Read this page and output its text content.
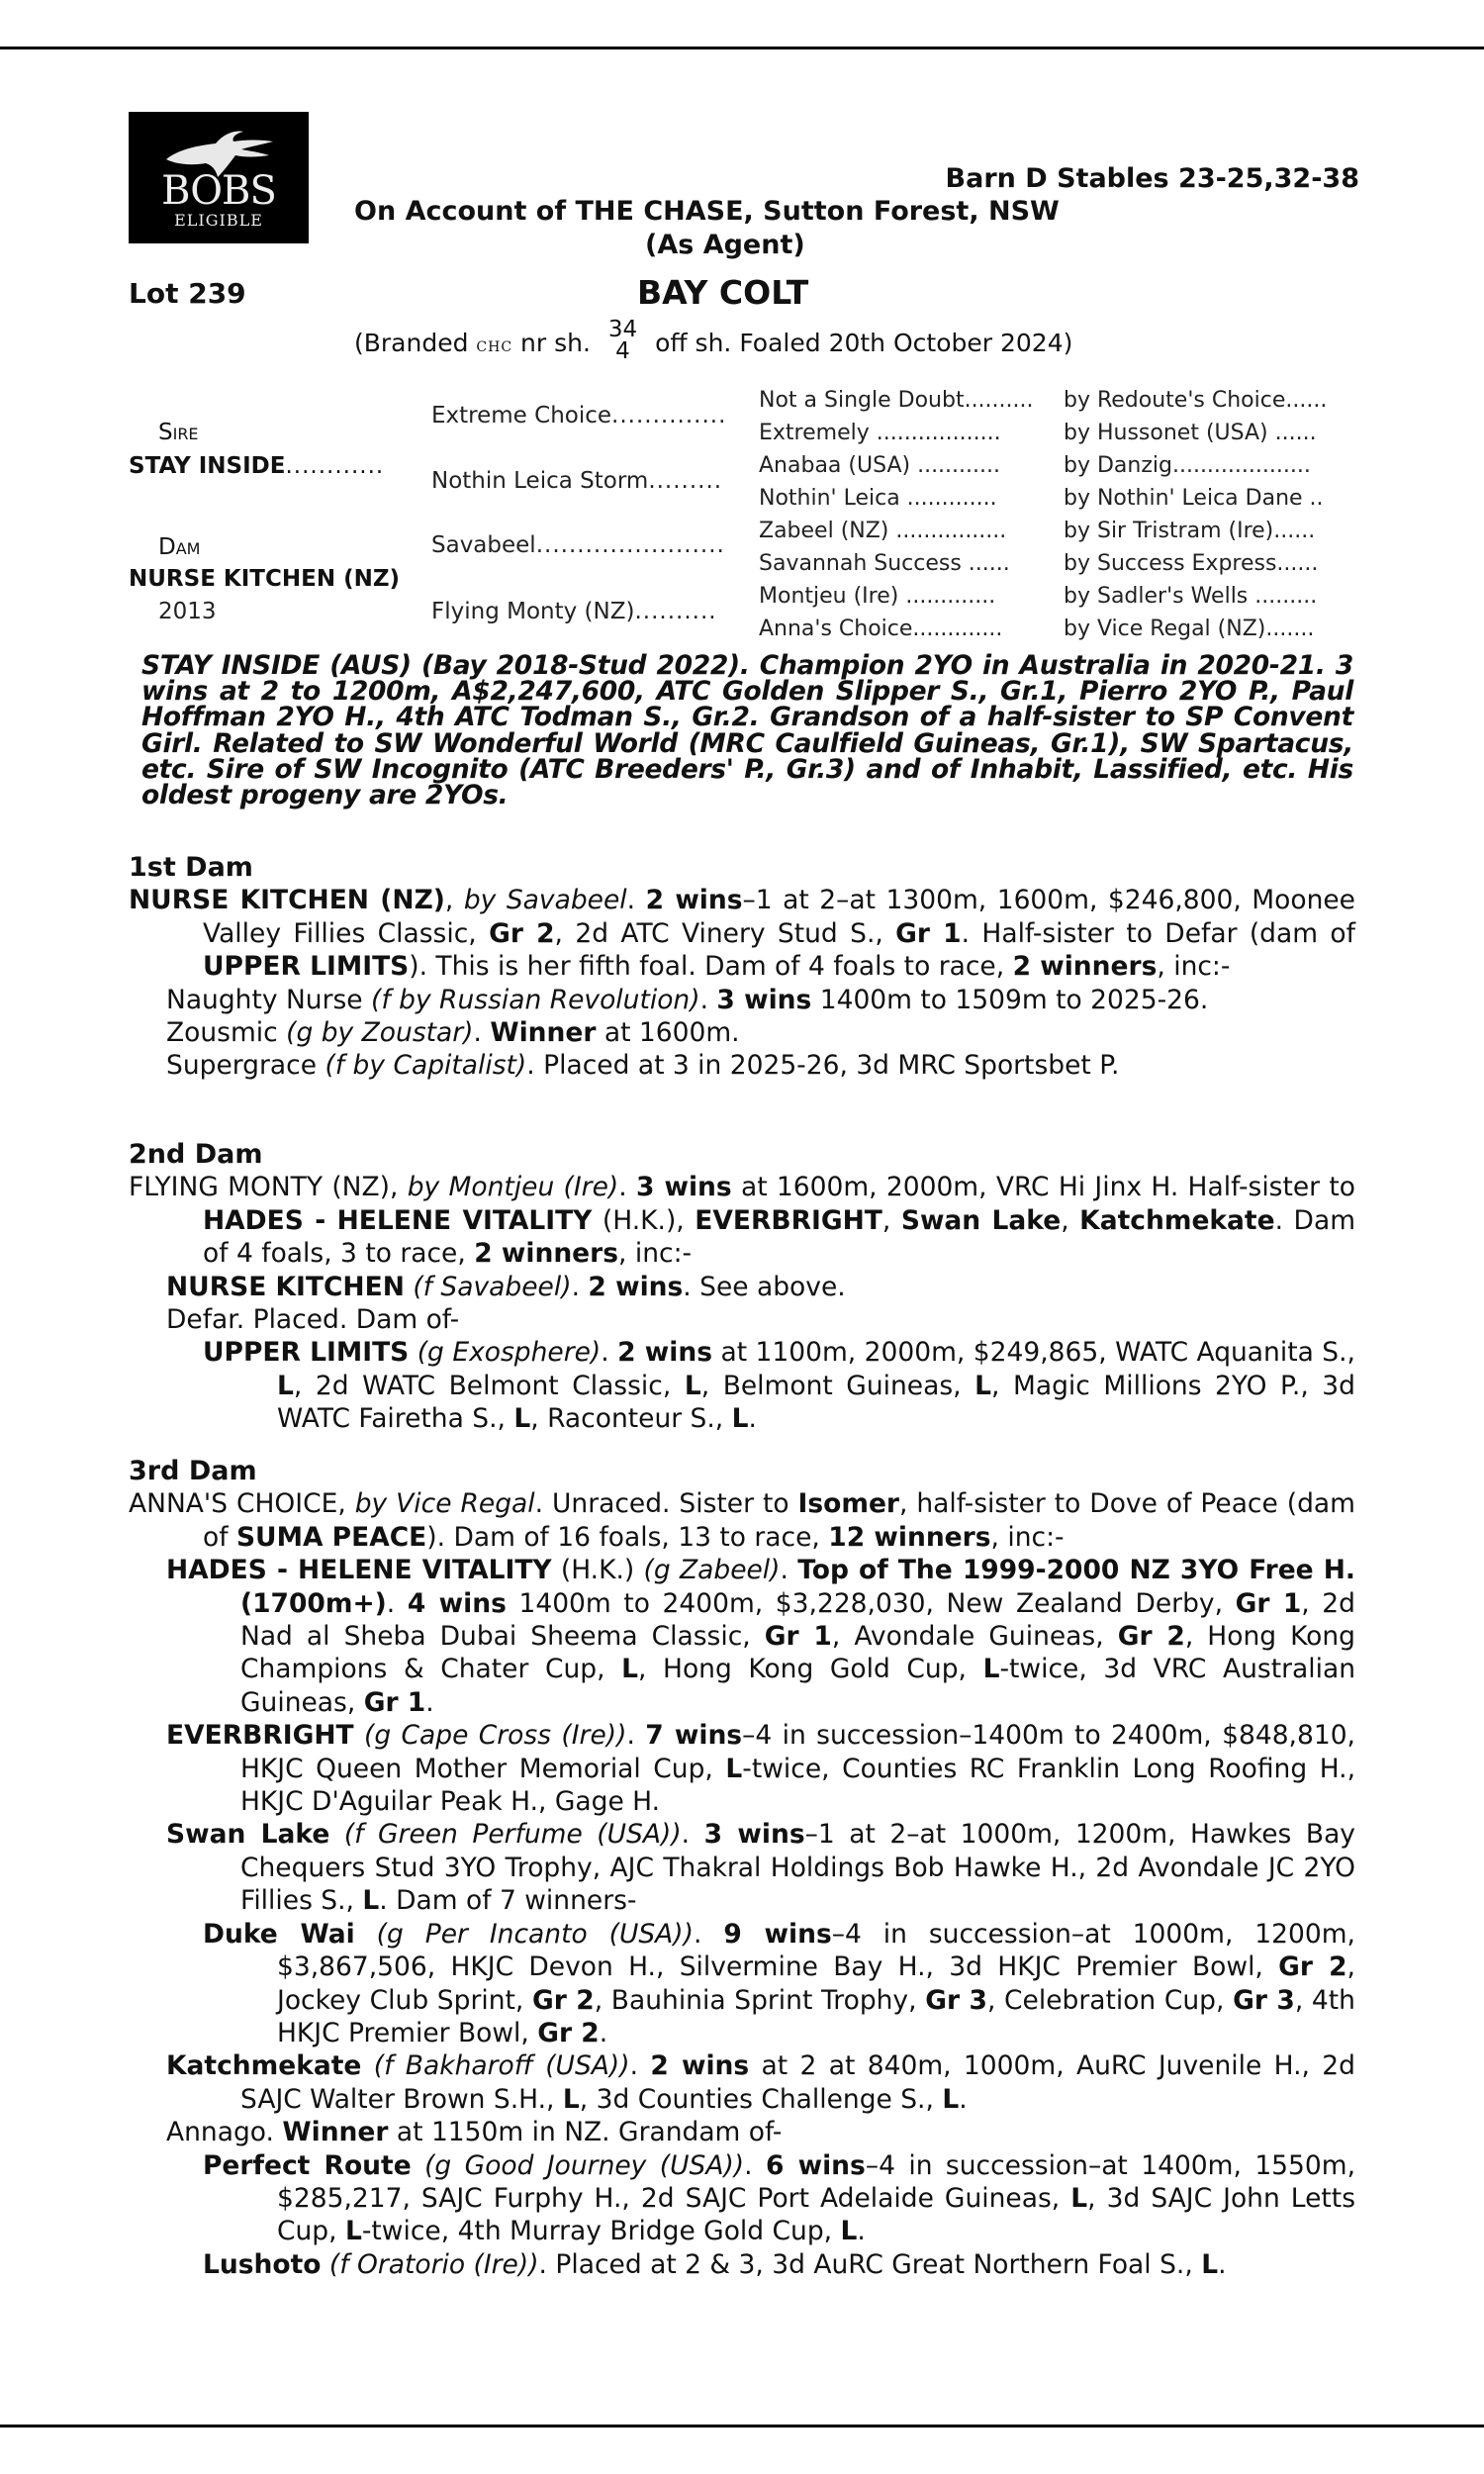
BOBS
ELIGIBLE
Barn D Stables 23-25,32-38
On Account of THE CHASE, Sutton Forest, NSW
(As Agent)
Lot 239	BAY COLT
(Branded CHC nr sh. 34
4 off sh. Foaled 20th October 2024)
Sire
STAY INSIDE............
Dam
NURSE KITCHEN (NZ)
2013
Extreme Choice..............
Nothin Leica Storm.........
Savabeel.......................
Flying Monty (NZ)..........
Not a Single Doubt..........
Extremely ..................
Anabaa (USA) ............
Nothin' Leica .............
Zabeel (NZ) ................
Savannah Success ......
Montjeu (Ire) .............
Anna's Choice.............
by Redoute's Choice......
by Hussonet (USA) ......
by Danzig....................
by Nothin' Leica Dane ..
by Sir Tristram (Ire)......
by Success Express......
by Sadler's Wells .........
by Vice Regal (NZ).......
STAY INSIDE (AUS) (Bay 2018-Stud 2022). Champion 2YO in Australia in 2020-21. 3 wins at 2 to 1200m, A$2,247,600, ATC Golden Slipper S., Gr.1, Pierro 2YO P., Paul Hoffman 2YO H., 4th ATC Todman S., Gr.2. Grandson of a half-sister to SP Convent Girl. Related to SW Wonderful World (MRC Caulfield Guineas, Gr.1), SW Spartacus, etc. Sire of SW Incognito (ATC Breeders' P., Gr.3) and of Inhabit, Lassified, etc. His oldest progeny are 2YOs.
1st Dam

NURSE KITCHEN (NZ), by Savabeel. 2 wins–1 at 2–at 1300m, 1600m, $246,800, Moonee Valley Fillies Classic, Gr 2, 2d ATC Vinery Stud S., Gr 1. Half-sister to Defar (dam of UPPER LIMITS). This is her fifth foal. Dam of 4 foals to race, 2 winners, inc:-

Naughty Nurse (f by Russian Revolution). 3 wins 1400m to 1509m to 2025-26.

Zousmic (g by Zoustar). Winner at 1600m.

Supergrace (f by Capitalist). Placed at 3 in 2025-26, 3d MRC Sportsbet P.

2nd Dam

FLYING MONTY (NZ), by Montjeu (Ire). 3 wins at 1600m, 2000m, VRC Hi Jinx H. Half-sister to HADES - HELENE VITALITY (H.K.), EVERBRIGHT, Swan Lake, Katchmekate. Dam of 4 foals, 3 to race, 2 winners, inc:-

NURSE KITCHEN (f Savabeel). 2 wins. See above.

Defar. Placed. Dam of-

UPPER LIMITS (g Exosphere). 2 wins at 1100m, 2000m, $249,865, WATC Aquanita S., L, 2d WATC Belmont Classic, L, Belmont Guineas, L, Magic Millions 2YO P., 3d WATC Fairetha S., L, Raconteur S., L.

3rd Dam

ANNA'S CHOICE, by Vice Regal. Unraced. Sister to Isomer, half-sister to Dove of Peace (dam of SUMA PEACE). Dam of 16 foals, 13 to race, 12 winners, inc:-

HADES - HELENE VITALITY (H.K.) (g Zabeel). Top of The 1999-2000 NZ 3YO Free H. (1700m+). 4 wins 1400m to 2400m, $3,228,030, New Zealand Derby, Gr 1, 2d Nad al Sheba Dubai Sheema Classic, Gr 1, Avondale Guineas, Gr 2, Hong Kong Champions & Chater Cup, L, Hong Kong Gold Cup, L-twice, 3d VRC Australian Guineas, Gr 1.

EVERBRIGHT (g Cape Cross (Ire)). 7 wins–4 in succession–1400m to 2400m, $848,810, HKJC Queen Mother Memorial Cup, L-twice, Counties RC Franklin Long Roofing H., HKJC D'Aguilar Peak H., Gage H.

Swan Lake (f Green Perfume (USA)). 3 wins–1 at 2–at 1000m, 1200m, Hawkes Bay Chequers Stud 3YO Trophy, AJC Thakral Holdings Bob Hawke H., 2d Avondale JC 2YO Fillies S., L. Dam of 7 winners-

Duke Wai (g Per Incanto (USA)). 9 wins–4 in succession–at 1000m, 1200m, $3,867,506, HKJC Devon H., Silvermine Bay H., 3d HKJC Premier Bowl, Gr 2, Jockey Club Sprint, Gr 2, Bauhinia Sprint Trophy, Gr 3, Celebration Cup, Gr 3, 4th HKJC Premier Bowl, Gr 2.

Katchmekate (f Bakharoff (USA)). 2 wins at 2 at 840m, 1000m, AuRC Juvenile H., 2d SAJC Walter Brown S.H., L, 3d Counties Challenge S., L.

Annago. Winner at 1150m in NZ. Grandam of-

Perfect Route (g Good Journey (USA)). 6 wins–4 in succession–at 1400m, 1550m, $285,217, SAJC Furphy H., 2d SAJC Port Adelaide Guineas, L, 3d SAJC John Letts Cup, L-twice, 4th Murray Bridge Gold Cup, L.

Lushoto (f Oratorio (Ire)). Placed at 2 & 3, 3d AuRC Great Northern Foal S., L.
